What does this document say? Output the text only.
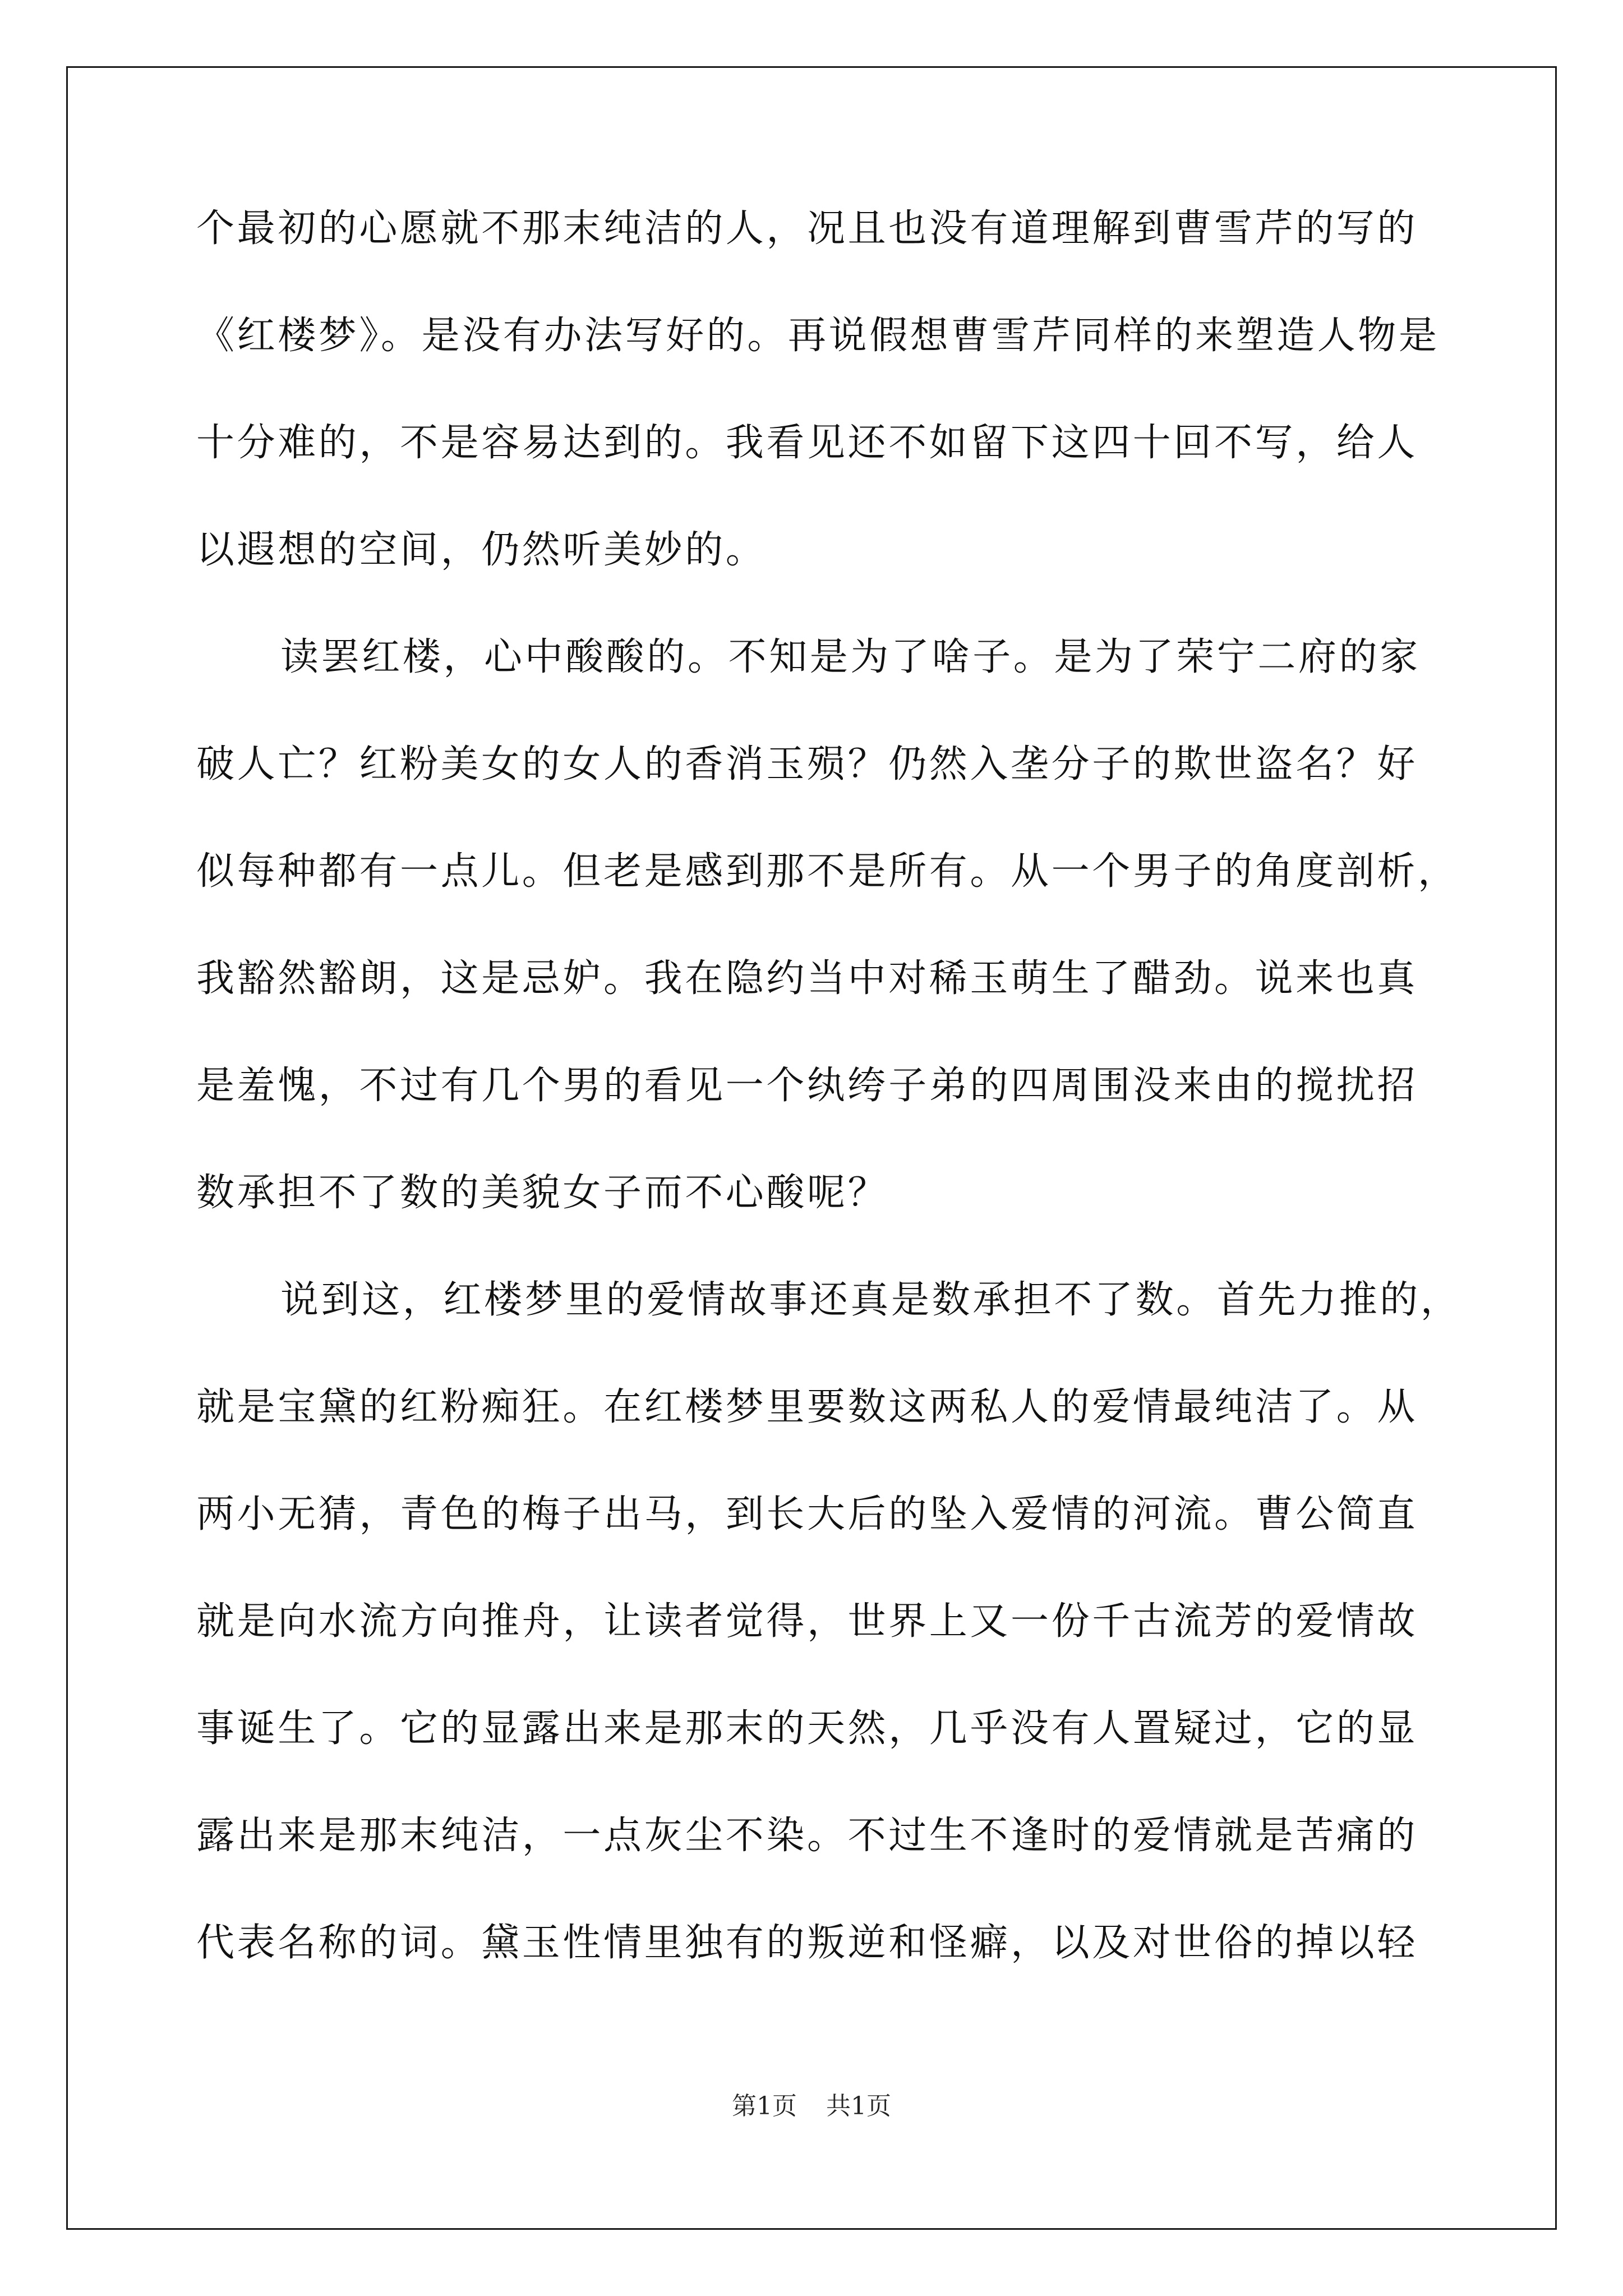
个最初的心愿就不那末纯洁的人，况且也没有道理解到曹雪芹的写的
《红楼梦》。是没有办法写好的。再说假想曹雪芹同样的来塑造人物是
十分难的，不是容易达到的。我看见还不如留下这四十回不写，给人
以遐想的空间，仍然听美妙的。
读罢红楼，心中酸酸的。不知是为了啥子。是为了荣宁二府的家
破人亡？红粉美女的女人的香消玉殒？仍然入垄分子的欺世盗名？好
似每种都有一点儿。但老是感到那不是所有。从一个男子的角度剖析，
我豁然豁朗，这是忌妒。我在隐约当中对稀玉萌生了醋劲。说来也真
是羞愧，不过有几个男的看见一个纨绔子弟的四周围没来由的搅扰招
数承担不了数的美貌女子而不心酸呢？
说到这，红楼梦里的爱情故事还真是数承担不了数。首先力推的，
就是宝黛的红粉痴狂。在红楼梦里要数这两私人的爱情最纯洁了。从
两小无猜，青色的梅子出马，到长大后的坠入爱情的河流。曹公简直
就是向水流方向推舟，让读者觉得，世界上又一份千古流芳的爱情故
事诞生了。它的显露出来是那末的天然，几乎没有人置疑过，它的显
露出来是那末纯洁，一点灰尘不染。不过生不逢时的爱情就是苦痛的
代表名称的词。黛玉性情里独有的叛逆和怪癖，以及对世俗的掉以轻
第1页 共1页
